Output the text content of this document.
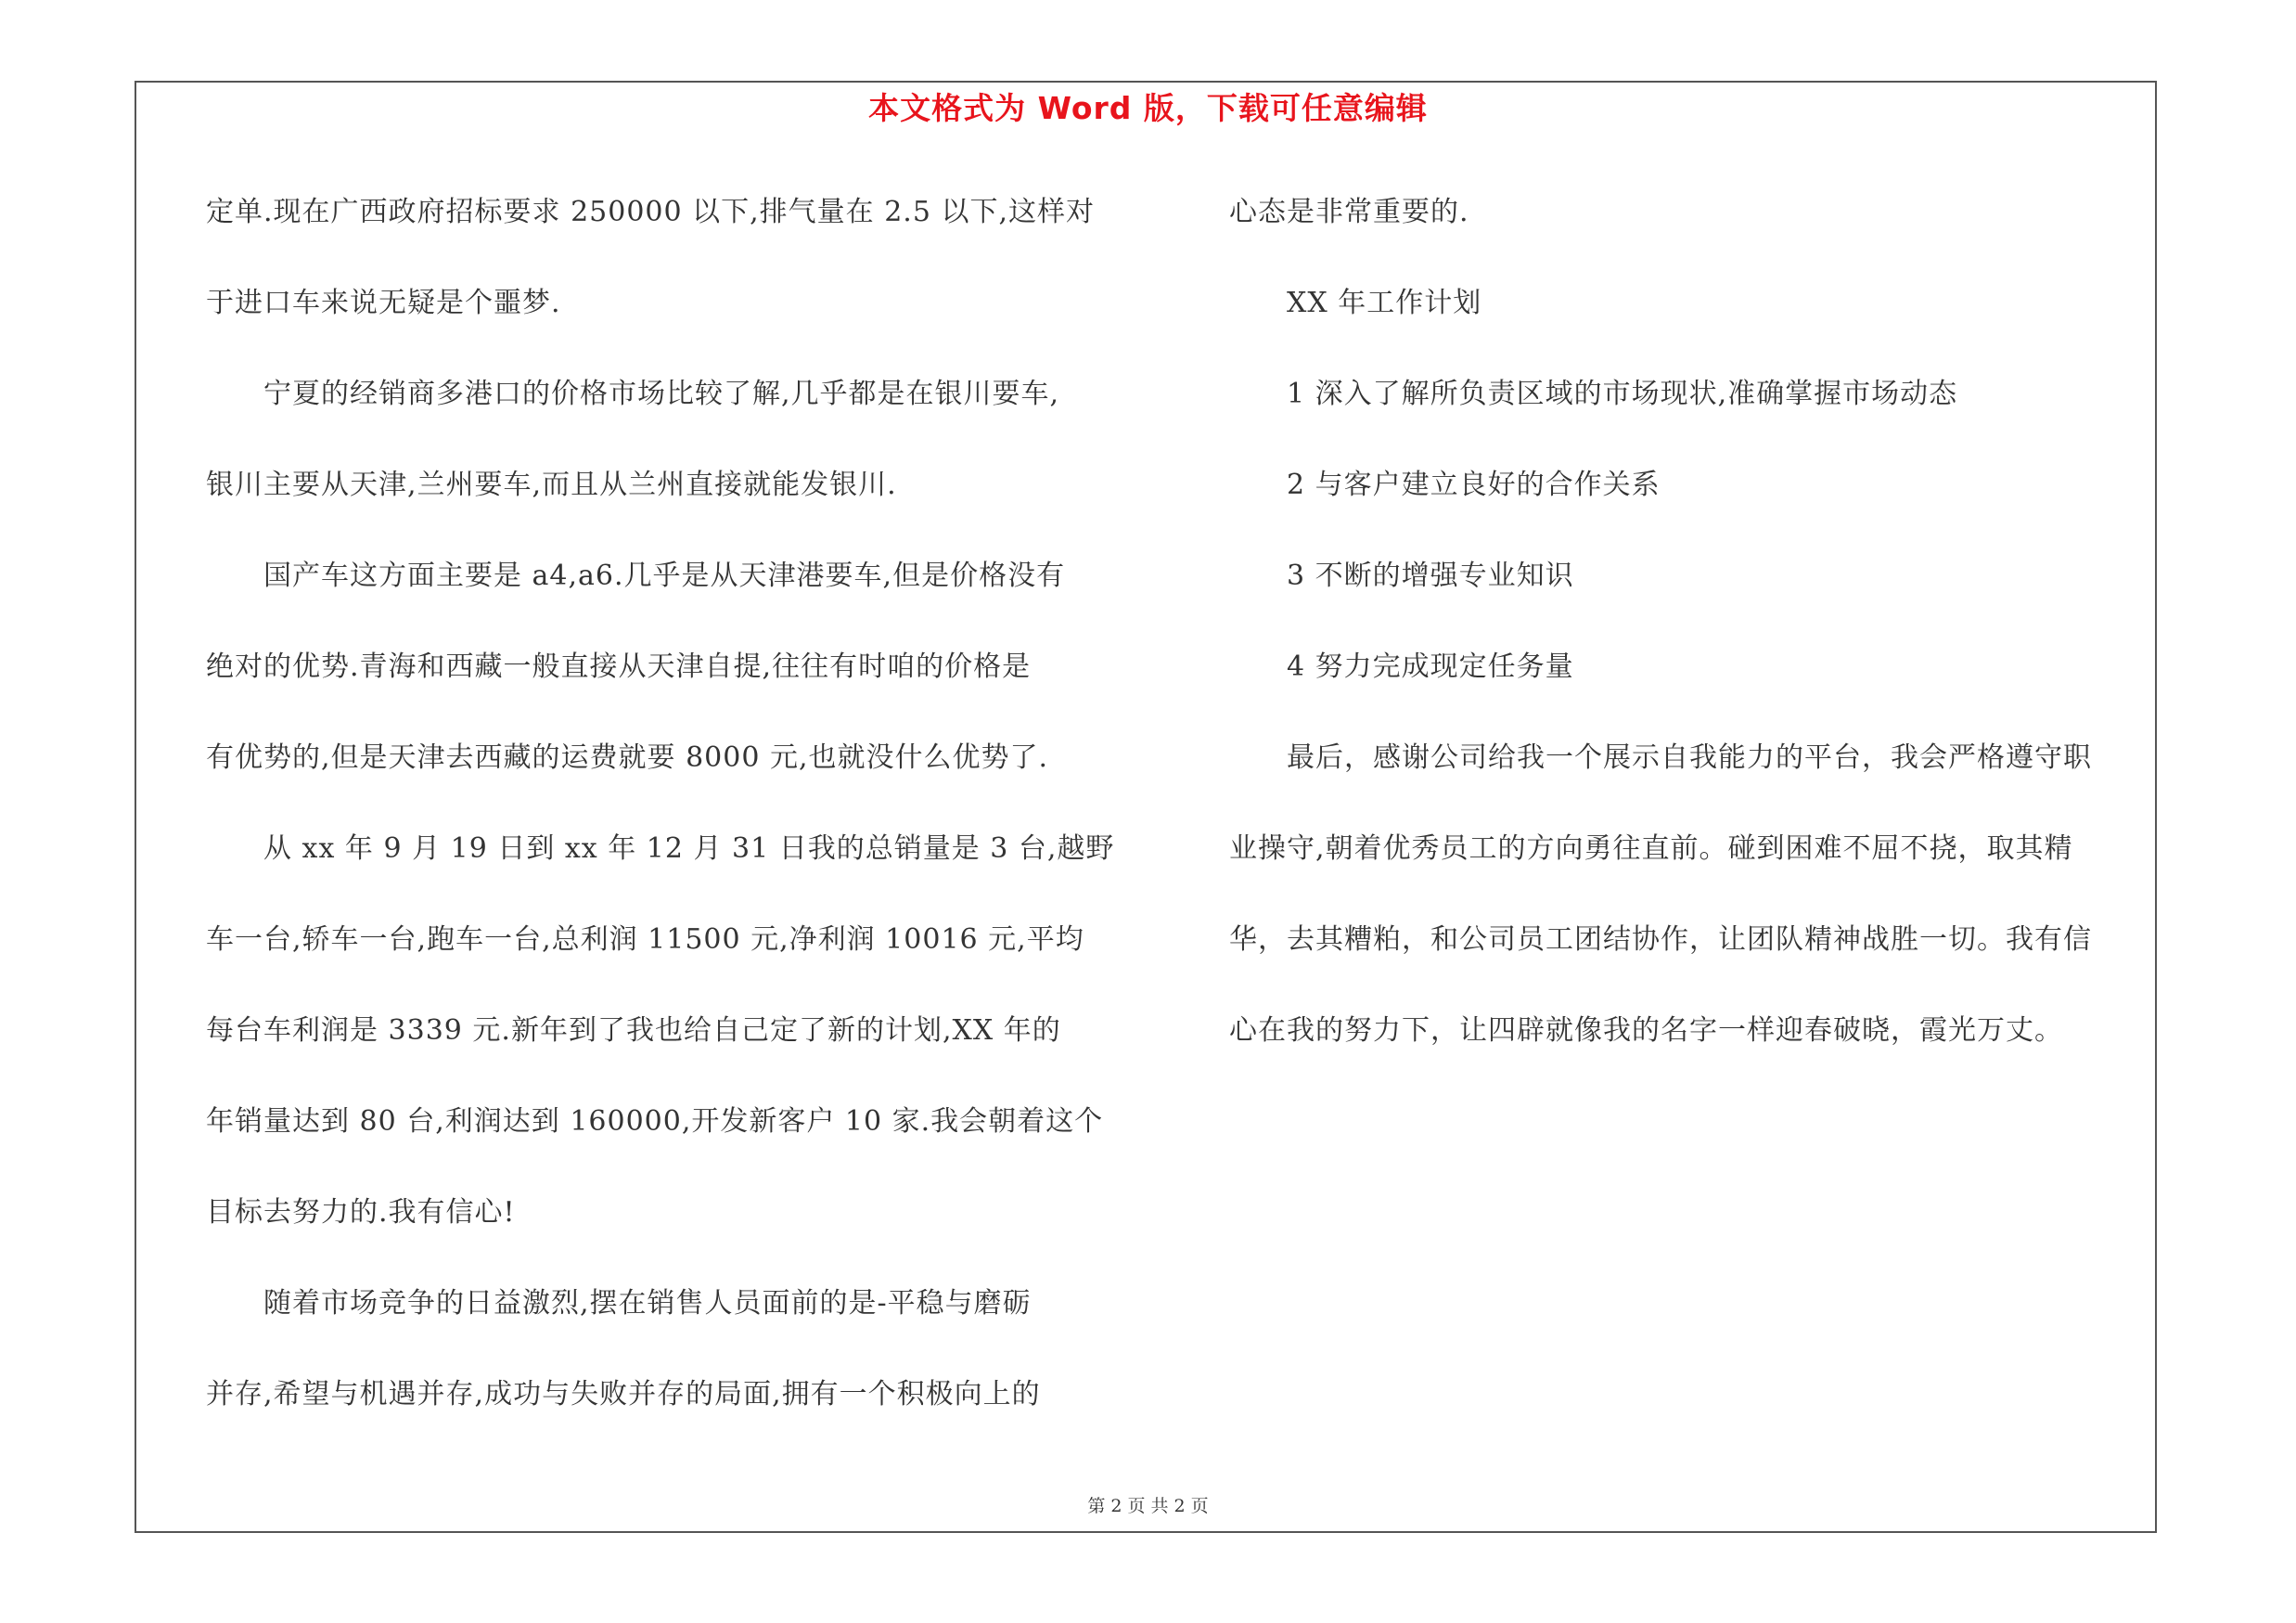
本文格式为 Word 版，下载可任意编辑
定单.现在广西政府招标要求 250000 以下,排气量在 2.5 以下,这样对
于进口车来说无疑是个噩梦.
　　宁夏的经销商多港口的价格市场比较了解,几乎都是在银川要车,
银川主要从天津,兰州要车,而且从兰州直接就能发银川.
　　国产车这方面主要是 a4,a6.几乎是从天津港要车,但是价格没有
绝对的优势.青海和西藏一般直接从天津自提,往往有时咱的价格是
有优势的,但是天津去西藏的运费就要 8000 元,也就没什么优势了.
　　从 xx 年 9 月 19 日到 xx 年 12 月 31 日我的总销量是 3 台,越野
车一台,轿车一台,跑车一台,总利润 11500 元,净利润 10016 元,平均
每台车利润是 3339 元.新年到了我也给自己定了新的计划,XX 年的
年销量达到 80 台,利润达到 160000,开发新客户 10 家.我会朝着这个
目标去努力的.我有信心!
　　随着市场竞争的日益激烈,摆在销售人员面前的是-平稳与磨砺
并存,希望与机遇并存,成功与失败并存的局面,拥有一个积极向上的
心态是非常重要的.
　　XX 年工作计划
　　1 深入了解所负责区域的市场现状,准确掌握市场动态
　　2 与客户建立良好的合作关系
　　3 不断的增强专业知识
　　4 努力完成现定任务量
　　最后，感谢公司给我一个展示自我能力的平台，我会严格遵守职
业操守,朝着优秀员工的方向勇往直前。碰到困难不屈不挠，取其精
华，去其糟粕，和公司员工团结协作，让团队精神战胜一切。我有信
心在我的努力下，让四辟就像我的名字一样迎春破晓，霞光万丈。
第 2 页 共 2 页
